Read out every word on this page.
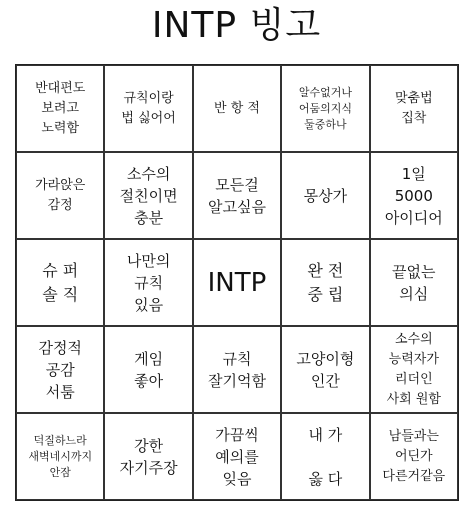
INTP 빙고
반대편도
보려고
노력함
규칙이랑
법 싫어어
반 항 적
알수없거나
어둠의지식
둘중하나
맞춤법
집착
가라앉은
감정
소수의
절친이면
충분
모든걸
알고싶음
몽상가
1일
5000
아이디어
슈 퍼
솔 직
나만의
규칙
있음
INTP	완 전
중 립
끝없는
의심
감정적
공감
서툼
게임
좋아
규칙
잘기억함
고양이형
인간
소수의
능력자가
리더인
사회 원함
덕질하느라
새벽네시까지
안잠
강한
자기주장
가끔씩
예의를
잊음
내 가

옳 다
남들과는
어딘가
다른거같음
